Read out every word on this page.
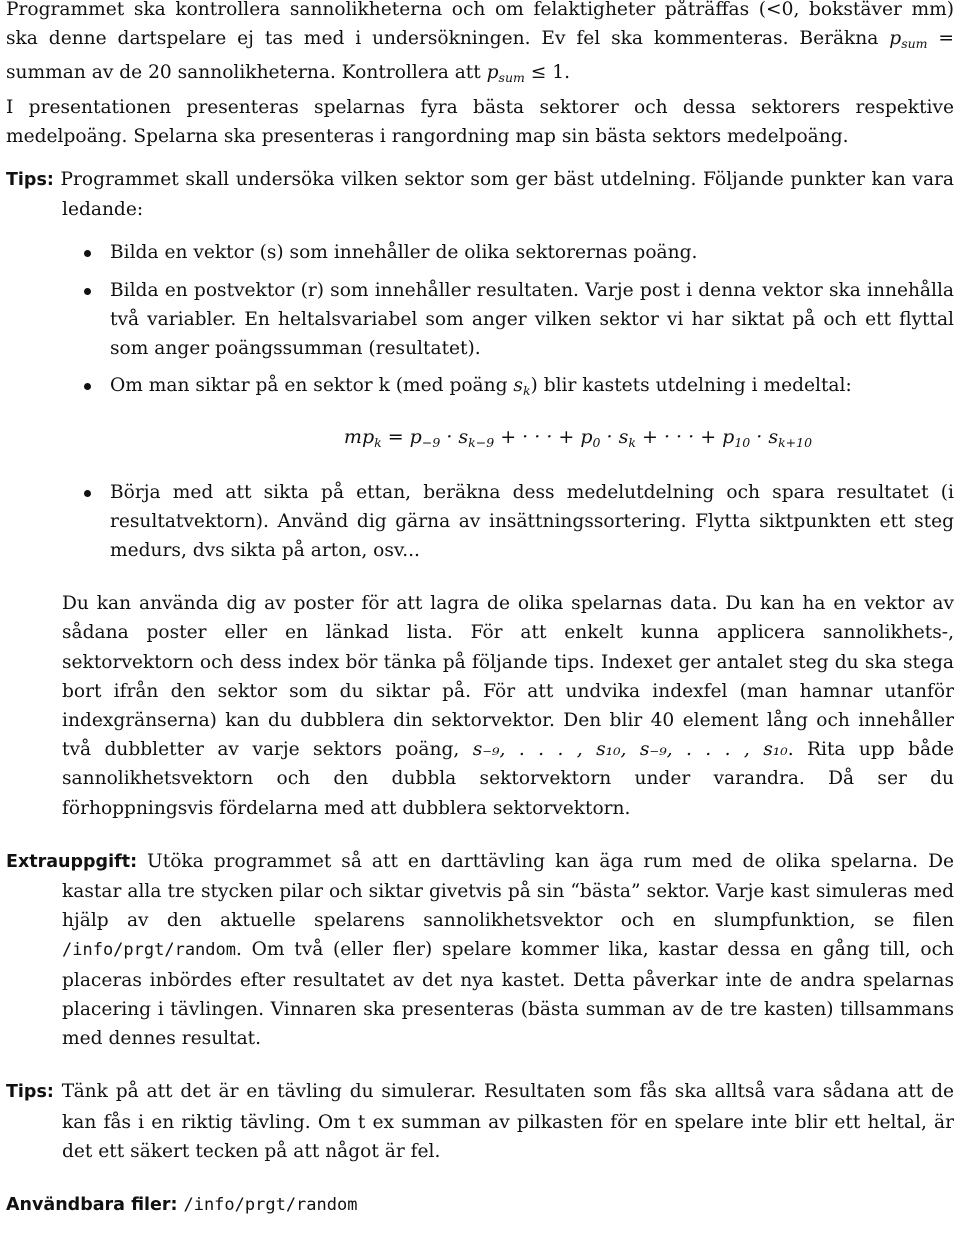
Programmet ska kontrollera sannolikheterna och om felaktigheter påträffas (<0, bokstäver mm) ska denne dartspelare ej tas med i undersökningen. Ev fel ska kommenteras. Beräkna $p_{sum}$ = summan av de 20 sannolikheterna. Kontrollera att $p_{sum} \le 1$.

I presentationen presenteras spelarnas fyra bästa sektorer och dessa sektorers respektive medelpoäng. Spelarna ska presenteras i rangordning map sin bästa sektors medelpoäng.

Tips: Programmet skall undersöka vilken sektor som ger bäst utdelning. Följande punkter kan vara ledande:

Bilda en vektor (s) som innehåller de olika sektorernas poäng.
Bilda en postvektor (r) som innehåller resultaten. Varje post i denna vektor ska innehålla två variabler. En heltalsvariabel som anger vilken sektor vi har siktat på och ett flyttal som anger poängssumman (resultatet).
Om man siktar på en sektor k (med poäng $s_k$) blir kastets utdelning i medeltal:
$mp_k = p_{-9} \cdot s_{k-9}$ + · · · + $p_0 \cdot s_k$ + · · · + $p_{10} \cdot s_{k+10}$
Börja med att sikta på ettan, beräkna dess medelutdelning och spara resultatet (i resultatvektorn). Använd dig gärna av insättningssortering. Flytta siktpunkten ett steg medurs, dvs sikta på arton, osv...

Du kan använda dig av poster för att lagra de olika spelarnas data. Du kan ha en vektor av sådana poster eller en länkad lista. För att enkelt kunna applicera sannolikhets-, sektorvektorn och dess index bör tänka på följande tips. Indexet ger antalet steg du ska stega bort ifrån den sektor som du siktar på. För att undvika indexfel (man hamnar utanför indexgränserna) kan du dubblera din sektorvektor. Den blir 40 element lång och innehåller två dubbletter av varje sektors poäng, s₋₉, . . . , s₁₀, s₋₉, . . . , s₁₀. Rita upp både sannolikhetsvektorn och den dubbla sektorvektorn under varandra. Då ser du förhoppningsvis fördelarna med att dubblera sektorvektorn.

Extrauppgift: Utöka programmet så att en darttävling kan äga rum med de olika spelarna. De kastar alla tre stycken pilar och siktar givetvis på sin “bästa” sektor. Varje kast simuleras med hjälp av den aktuelle spelarens sannolikhetsvektor och en slumpfunktion, se filen /info/prgt/random. Om två (eller fler) spelare kommer lika, kastar dessa en gång till, och placeras inbördes efter resultatet av det nya kastet. Detta påverkar inte de andra spelarnas placering i tävlingen. Vinnaren ska presenteras (bästa summan av de tre kasten) tillsammans med dennes resultat.

Tips: Tänk på att det är en tävling du simulerar. Resultaten som fås ska alltså vara sådana att de kan fås i en riktig tävling. Om t ex summan av pilkasten för en spelare inte blir ett heltal, är det ett säkert tecken på att något är fel.

Användbara filer: /info/prgt/random
